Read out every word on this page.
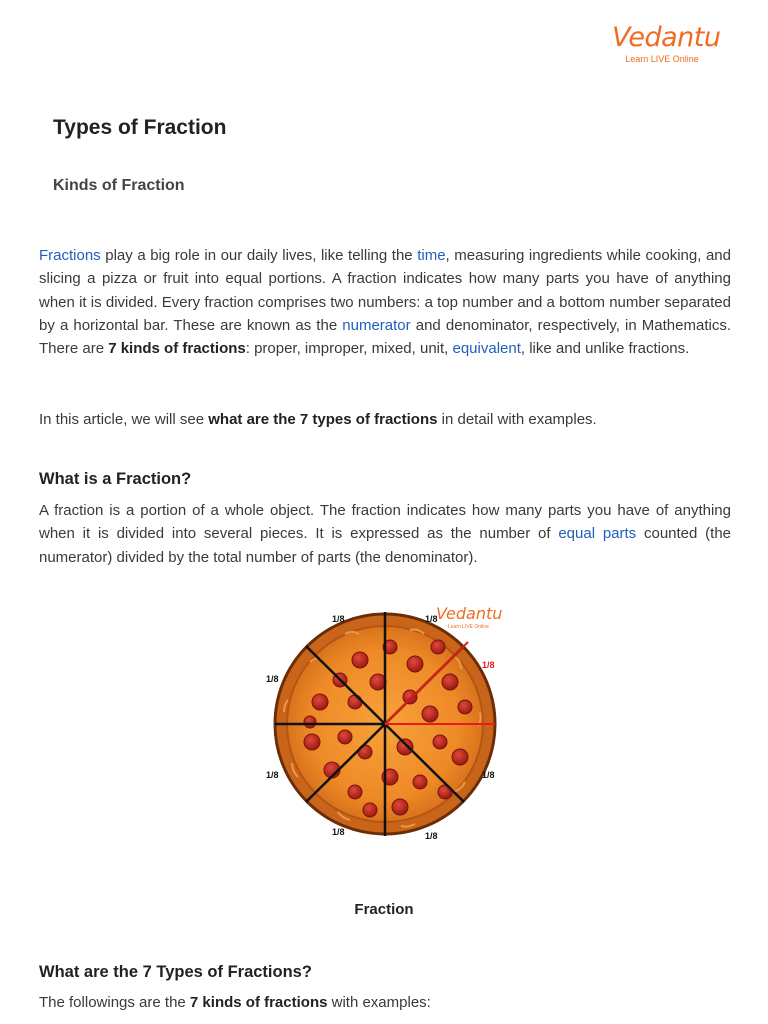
Vedantu
Learn LIVE Online
Types of Fraction
Kinds of Fraction

Fractions play a big role in our daily lives, like telling the time, measuring ingredients while cooking, and slicing a pizza or fruit into equal portions. A fraction indicates how many parts you have of anything when it is divided. Every fraction comprises two numbers: a top number and a bottom number separated by a horizontal bar. These are known as the numerator and denominator, respectively, in Mathematics. There are 7 kinds of fractions: proper, improper, mixed, unit, equivalent, like and unlike fractions.

In this article, we will see what are the 7 types of fractions in detail with examples.

What is a Fraction?

A fraction is a portion of a whole object. The fraction indicates how many parts you have of anything when it is divided into several pieces. It is expressed as the number of equal parts counted (the numerator) divided by the total number of parts (the denominator).

1/8	1/8
1/8
1/8	1/8
1/8	1/8
1/8
Vedantu
Learn LIVE Online
Fraction
What are the 7 Types of Fractions?

The followings are the 7 kinds of fractions with examples:
